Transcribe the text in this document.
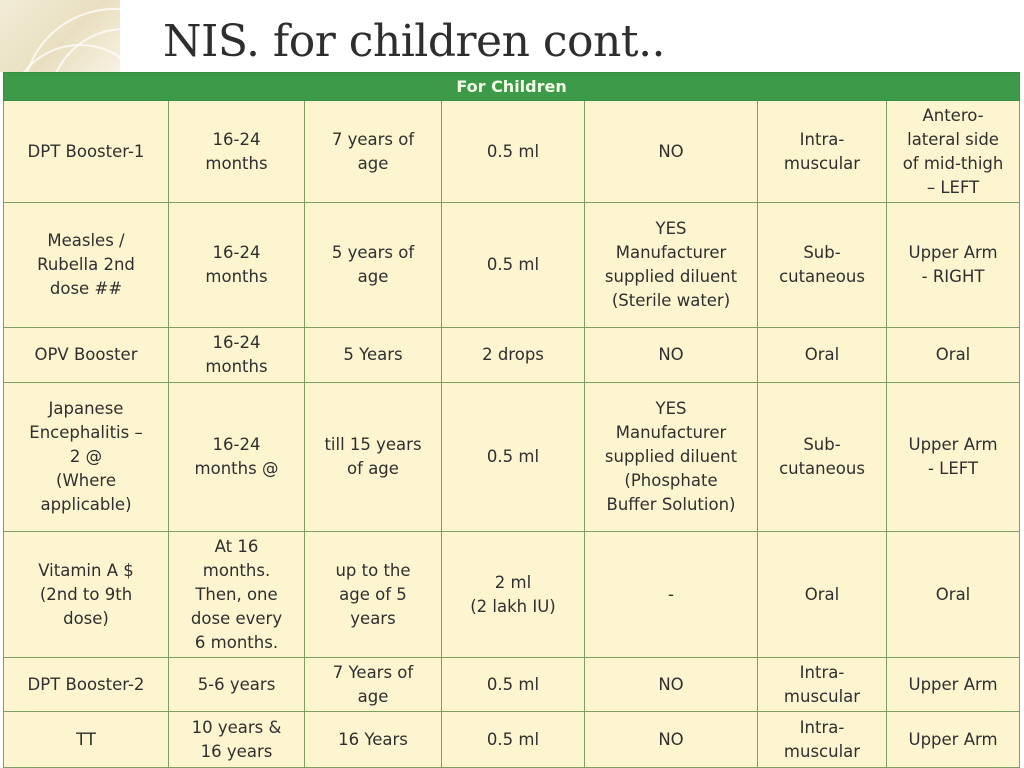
NIS. for children cont..
For Children						

DPT Booster-1	16-24
months	7 years of
age	0.5 ml	NO	Intra-
muscular	Antero-
lateral side
of mid-thigh
– LEFT

Measles /
Rubella 2nd
dose ##	16-24
months	5 years of
age	0.5 ml	YES
Manufacturer
supplied diluent
(Sterile water)	Sub-
cutaneous	Upper Arm
- RIGHT

OPV Booster	16-24
months	5 Years	2 drops	NO	Oral	Oral

Japanese
Encephalitis –
2 @
(Where
applicable)	16-24
months @	till 15 years
of age	0.5 ml	YES
Manufacturer
supplied diluent
(Phosphate
Buffer Solution)	Sub-
cutaneous	Upper Arm
- LEFT

Vitamin A $
(2nd to 9th
dose)	At 16
months.
Then, one
dose every
6 months.	up to the
age of 5
years	2 ml
(2 lakh IU)	-	Oral	Oral

DPT Booster-2	5-6 years	7 Years of
age	0.5 ml	NO	Intra-
muscular	Upper Arm

TT	10 years &
16 years	16 Years	0.5 ml	NO	Intra-
muscular	Upper Arm
